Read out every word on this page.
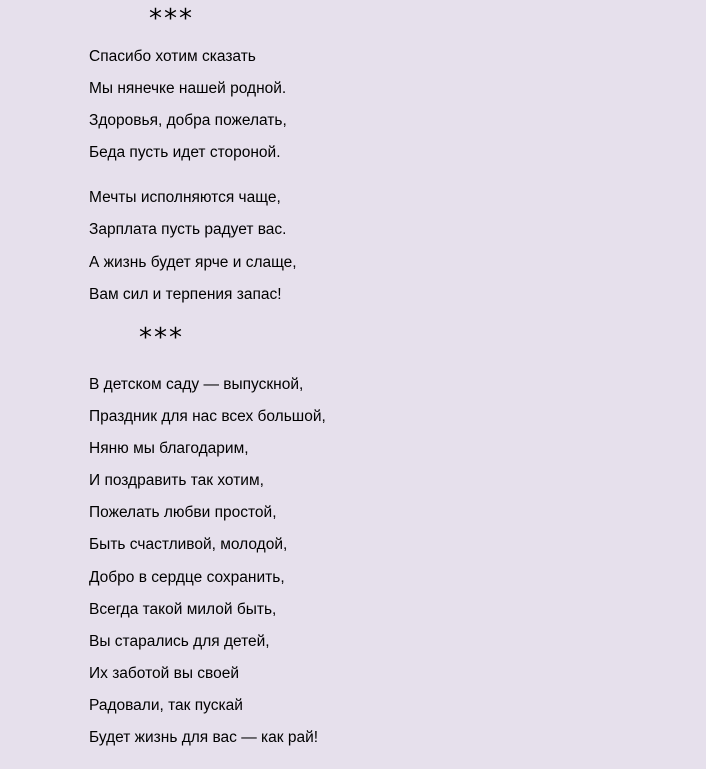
***
Спасибо хотим сказать
Мы нянечке нашей родной.
Здоровья, добра пожелать,
Беда пусть идет стороной.
Мечты исполняются чаще,
Зарплата пусть радует вас.
А жизнь будет ярче и слаще,
Вам сил и терпения запас!
***
В детском саду — выпускной,
Праздник для нас всех большой,
Няню мы благодарим,
И поздравить так хотим,
Пожелать любви простой,
Быть счастливой, молодой,
Добро в сердце сохранить,
Всегда такой милой быть,
Вы старались для детей,
Их заботой вы своей
Радовали, так пускай
Будет жизнь для вас — как рай!
